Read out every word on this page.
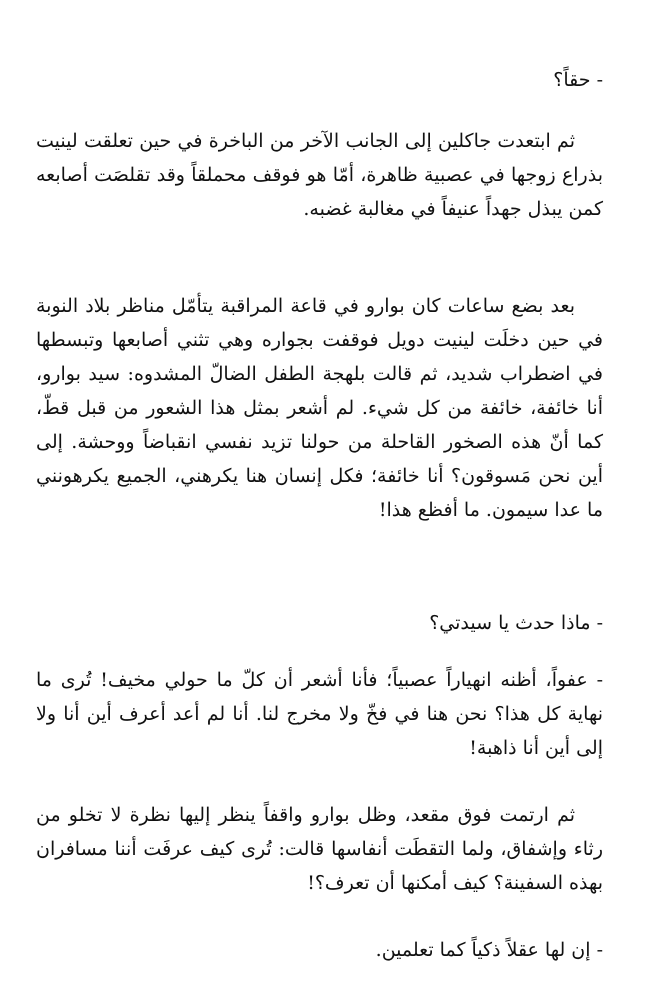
- حقاً؟

ثم ابتعدت جاكلين إلى الجانب الآخر من الباخرة في حين تعلقت لينيت بذراع زوجها في عصبية ظاهرة، أمّا هو فوقف محملقاً وقد تقلصَت أصابعه كمن يبذل جهداً عنيفاً في مغالبة غضبه.

بعد بضع ساعات كان بوارو في قاعة المراقبة يتأمّل مناظر بلاد النوبة في حين دخلَت لينيت دويل فوقفت بجواره وهي تثني أصابعها وتبسطها في اضطراب شديد، ثم قالت بلهجة الطفل الضالّ المشدوه: سيد بوارو، أنا خائفة، خائفة من كل شيء. لم أشعر بمثل هذا الشعور من قبل قطّ، كما أنّ هذه الصخور القاحلة من حولنا تزيد نفسي انقباضاً ووحشة. إلى أين نحن مَسوقون؟ أنا خائفة؛ فكل إنسان هنا يكرهني، الجميع يكرهونني ما عدا سيمون. ما أفظع هذا!

- ماذا حدث يا سيدتي؟

- عفواً، أظنه انهياراً عصبياً؛ فأنا أشعر أن كلّ ما حولي مخيف! تُرى ما نهاية كل هذا؟ نحن هنا في فخّ ولا مخرج لنا. أنا لم أعد أعرف أين أنا ولا إلى أين أنا ذاهبة!

ثم ارتمت فوق مقعد، وظل بوارو واقفاً ينظر إليها نظرة لا تخلو من رثاء وإشفاق، ولما التقطَت أنفاسها قالت: تُرى كيف عرفَت أننا مسافران بهذه السفينة؟ كيف أمكنها أن تعرف؟!

- إن لها عقلاً ذكياً كما تعلمين.
